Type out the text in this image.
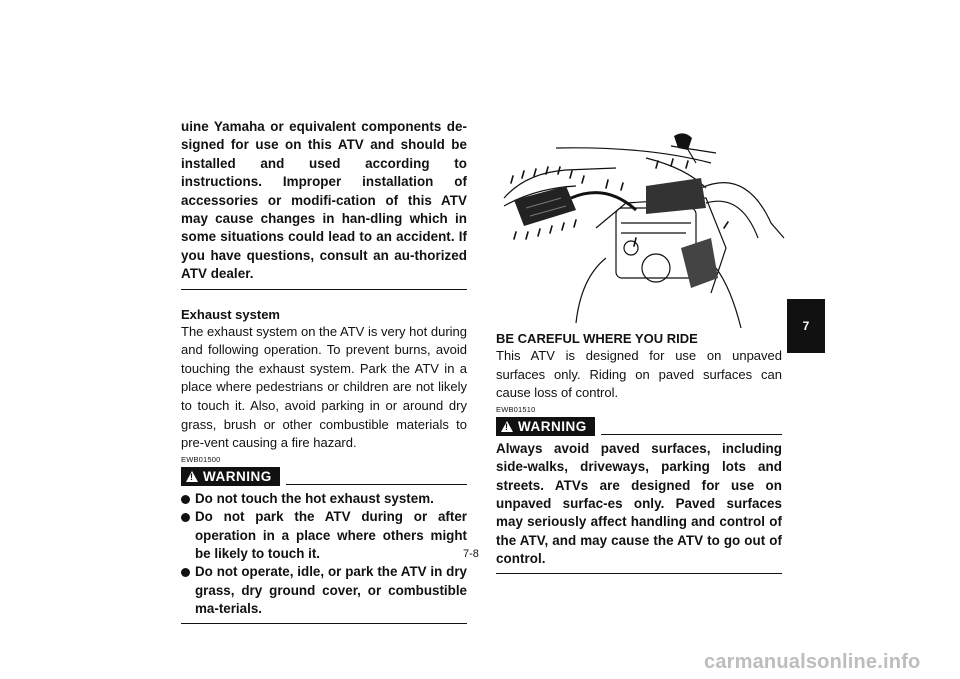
uine Yamaha or equivalent components de-signed for use on this ATV and should be installed and used according to instructions. Improper installation of accessories or modifi-cation of this ATV may cause changes in han-dling which in some situations could lead to an accident. If you have questions, consult an au-thorized ATV dealer.
Exhaust system
The exhaust system on the ATV is very hot during and following operation. To prevent burns, avoid touching the exhaust system. Park the ATV in a place where pedestrians or children are not likely to touch it. Also, avoid parking in or around dry grass, brush or other combustible materials to pre-vent causing a fire hazard.
EWB01500
! WARNING
Do not touch the hot exhaust system.
Do not park the ATV during or after operation in a place where others might be likely to touch it.
Do not operate, idle, or park the ATV in dry grass, dry ground cover, or combustible ma-terials.
BE CAREFUL WHERE YOU RIDE
This ATV is designed for use on unpaved surfaces only. Riding on paved surfaces can cause loss of control.
EWB01510
! WARNING
Always avoid paved surfaces, including side-walks, driveways, parking lots and streets. ATVs are designed for use on unpaved surfac-es only. Paved surfaces may seriously affect handling and control of the ATV, and may cause the ATV to go out of control.
7-8
7
carmanualsonline.info
